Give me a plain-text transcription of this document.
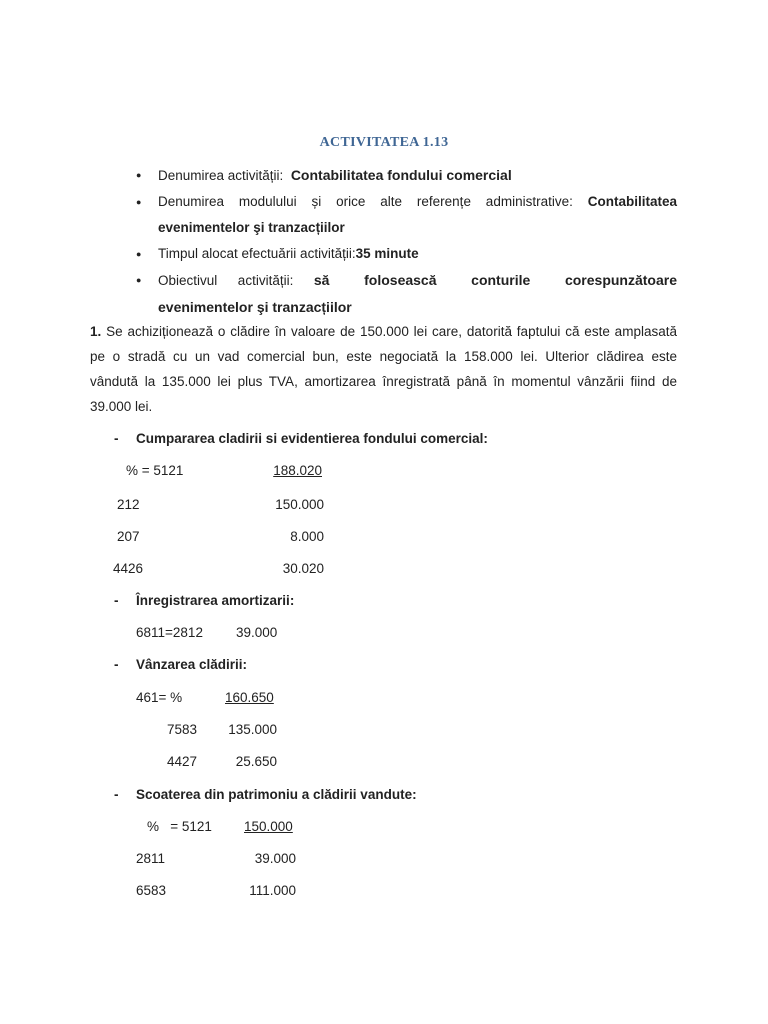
ACTIVITATEA 1.13
● Denumirea activității: Contabilitatea fondului comercial
● Denumirea modulului și orice alte referențe administrative: Contabilitatea
evenimentelor şi tranzacțiilor
● Timpul alocat efectuării activității:35 minute
● Obiectivul activității: să folosească conturile corespunzătoare
evenimentelor şi tranzacțiilor
1. Se achiziționează o clădire în valoare de 150.000 lei care, datorită faptului că este amplasată
pe o stradă cu un vad comercial bun, este negociată la 158.000 lei. Ulterior clădirea este
vândută la 135.000 lei plus TVA, amortizarea înregistrată până în momentul vânzării fiind de
39.000 lei.
- Cumpararea cladirii si evidentierea fondului comercial:
% = 5121	188.020
212	150.000
207	8.000
4426	30.020
- Înregistrarea amortizarii:
6811=2812 39.000
- Vânzarea clădirii:
461= %	160.650
7583	135.000
4427	25.650
- Scoaterea din patrimoniu a clădirii vandute:
%   = 5121 150.000
2811	39.000
6583	111.000
